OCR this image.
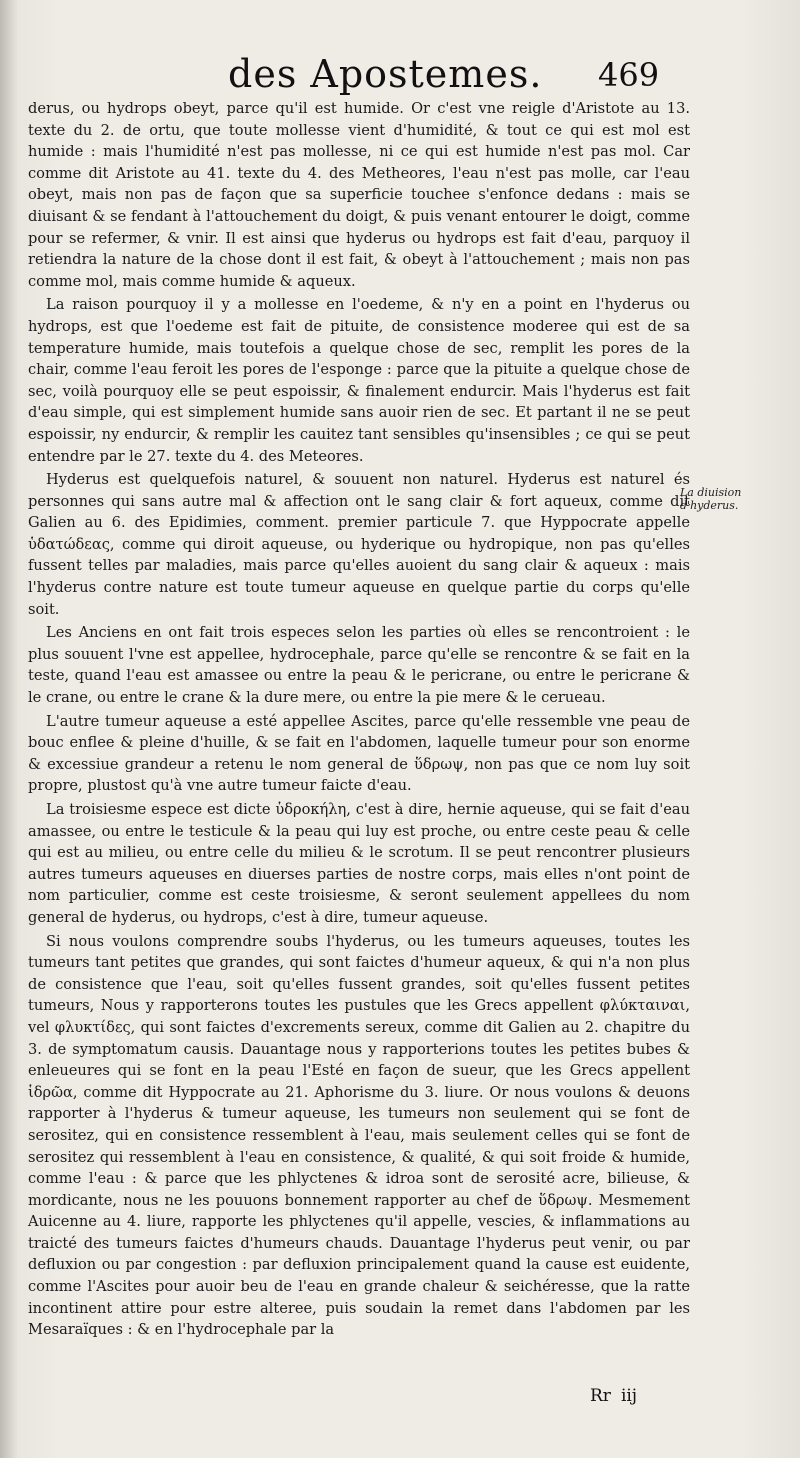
des Apostemes. 469

derus, ou hydrops obeyt, parce qu'il est humide. Or c'est vne reigle d'Aristote au 13. texte du 2. de ortu, que toute mollesse vient d'humidité, & tout ce qui est mol est humide : mais l'humidité n'est pas mollesse, ni ce qui est humide n'est pas mol. Car comme dit Aristote au 41. texte du 4. des Metheores, l'eau n'est pas molle, car l'eau obeyt, mais non pas de façon que sa superficie touchee s'enfonce dedans : mais se diuisant & se fendant à l'attouchement du doigt, & puis venant entourer le doigt, comme pour se refermer, & vnir. Il est ainsi que hyderus ou hydrops est fait d'eau, parquoy il retiendra la nature de la chose dont il est fait, & obeyt à l'attouchement ; mais non pas comme mol, mais comme humide & aqueux.

La raison pourquoy il y a mollesse en l'oedeme, & n'y en a point en l'hyderus ou hydrops, est que l'oedeme est fait de pituite, de consistence moderee qui est de sa temperature humide, mais toutefois a quelque chose de sec, remplit les pores de la chair, comme l'eau feroit les pores de l'esponge : parce que la pituite a quelque chose de sec, voilà pourquoy elle se peut espoissir, & finalement endurcir. Mais l'hyderus est fait d'eau simple, qui est simplement humide sans auoir rien de sec. Et partant il ne se peut espoissir, ny endurcir, & remplir les cauitez tant sensibles qu'insensibles ; ce qui se peut entendre par le 27. texte du 4. des Meteores.

Hyderus est quelquefois naturel, & souuent non naturel. Hyderus est naturel és personnes qui sans autre mal & affection ont le sang clair & fort aqueux, comme dit Galien au 6. des Epidimies, comment. premier particule 7. que Hyppocrate appelle ὑδατώδεας, comme qui diroit aqueuse, ou hyderique ou hydropique, non pas qu'elles fussent telles par maladies, mais parce qu'elles auoient du sang clair & aqueux : mais l'hyderus contre nature est toute tumeur aqueuse en quelque partie du corps qu'elle soit.

Les Anciens en ont fait trois especes selon les parties où elles se rencontroient : le plus souuent l'vne est appellee, hydrocephale, parce qu'elle se rencontre & se fait en la teste, quand l'eau est amassee ou entre la peau & le pericrane, ou entre le pericrane & le crane, ou entre le crane & la dure mere, ou entre la pie mere & le cerueau.

L'autre tumeur aqueuse a esté appellee Ascites, parce qu'elle ressemble vne peau de bouc enflee & pleine d'huille, & se fait en l'abdomen, laquelle tumeur pour son enorme & excessiue grandeur a retenu le nom general de ὕδρωψ, non pas que ce nom luy soit propre, plustost qu'à vne autre tumeur faicte d'eau.

La troisiesme espece est dicte ὑδροκήλη, c'est à dire, hernie aqueuse, qui se fait d'eau amassee, ou entre le testicule & la peau qui luy est proche, ou entre ceste peau & celle qui est au milieu, ou entre celle du milieu & le scrotum. Il se peut rencontrer plusieurs autres tumeurs aqueuses en diuerses parties de nostre corps, mais elles n'ont point de nom particulier, comme est ceste troisiesme, & seront seulement appellees du nom general de hyderus, ou hydrops, c'est à dire, tumeur aqueuse.

Si nous voulons comprendre soubs l'hyderus, ou les tumeurs aqueuses, toutes les tumeurs tant petites que grandes, qui sont faictes d'humeur aqueux, & qui n'a non plus de consistence que l'eau, soit qu'elles fussent grandes, soit qu'elles fussent petites tumeurs, Nous y rapporterons toutes les pustules que les Grecs appellent φλύκταιναι, vel φλυκτίδες, qui sont faictes d'excrements sereux, comme dit Galien au 2. chapitre du 3. de symptomatum causis. Dauantage nous y rapporterions toutes les petites bubes & enleueures qui se font en la peau l'Esté en façon de sueur, que les Grecs appellent ἱδρῶα, comme dit Hyppocrate au 21. Aphorisme du 3. liure. Or nous voulons & deuons rapporter à l'hyderus & tumeur aqueuse, les tumeurs non seulement qui se font de serositez, qui en consistence ressemblent à l'eau, mais seulement celles qui se font de serositez qui ressemblent à l'eau en consistence, & qualité, & qui soit froide & humide, comme l'eau : & parce que les phlyctenes & idroa sont de serosité acre, bilieuse, & mordicante, nous ne les pouuons bonnement rapporter au chef de ὕδρωψ. Mesmement Auicenne au 4. liure, rapporte les phlyctenes qu'il appelle, vescies, & inflammations au traicté des tumeurs faictes d'humeurs chauds. Dauantage l'hyderus peut venir, ou par defluxion ou par congestion : par defluxion principalement quand la cause est euidente, comme l'Ascites pour auoir beu de l'eau en grande chaleur & seichéresse, que la ratte incontinent attire pour estre alteree, puis soudain la remet dans l'abdomen par les Mesaraïques : & en l'hydrocephale par la

La diuision d'hyderus.
Rr iij
